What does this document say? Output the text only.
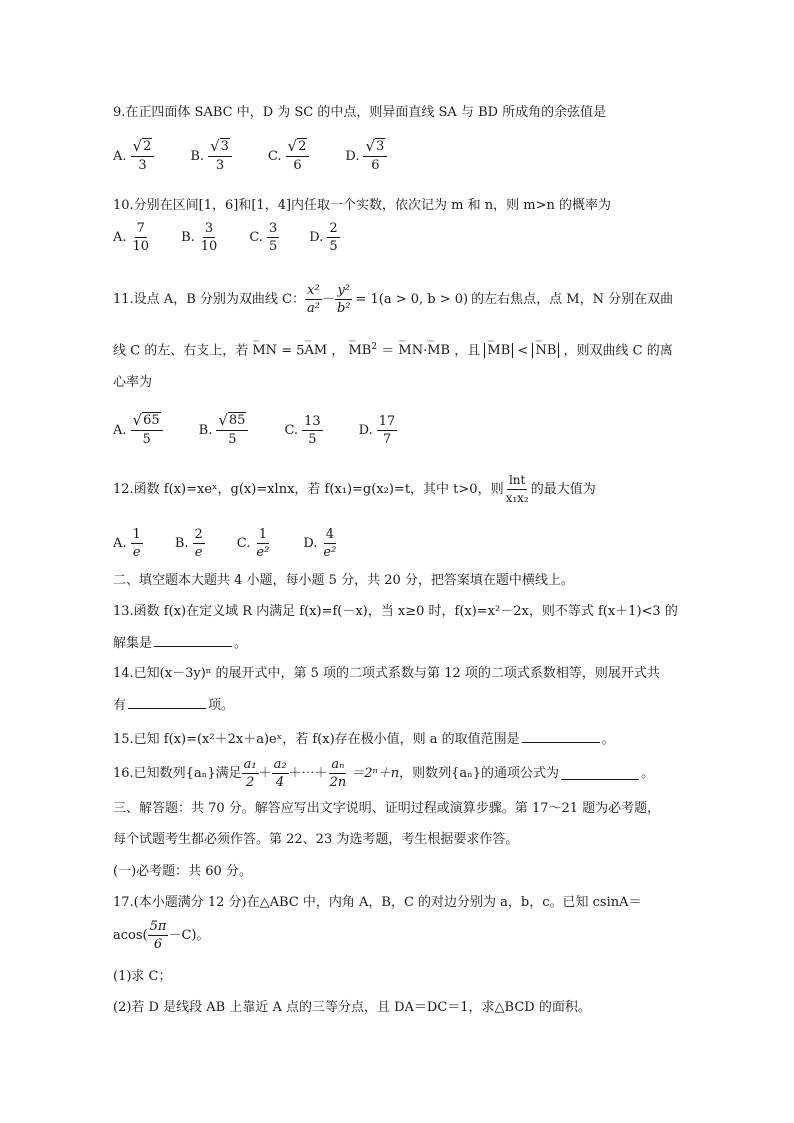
9.在正四面体 SABC 中，D 为 SC 的中点，则异面直线 SA 与 BD 所成角的余弦值是
A. $\frac{√ 2}{3}$	B. $\frac{√ 3}{3}$	C. $\frac{√ 2}{6}$	D. $\frac{√ 3}{6}$
10.分别在区间[1，6]和[1，4]内任取一个实数，依次记为 m 和 n，则 m>n 的概率为
A. $\frac{7}{10} B$. $\frac{3}{10} C$. $\frac{3}{5} D$. $\frac{2}{5}$
11.设点 A，B 分别为双曲线 C： $\frac{\text{x²}}{\text{a²}} - \frac{\text{y²}}{\text{b²}} = 1(a > 0$, b > 0) 的左右焦点，点 M，N 分别在双曲
线 C 的左、右支上，若 ᵕᵕᵕ MN = 5ᵕᵕᵕ AM ， ᵕᵕᵕ $MB^2$ ＝ ᵕᵕᵕ MN·ᵕᵕᵕ MB ，且 ᵕᵕᵕ MB < ᵕᵕᵕ NB ，则双曲线 C 的离
心率为
A. $\frac{√ 65}{5}$	B. $\frac{√ 85}{5}$	C. $\frac{13}{5}$	D. $\frac{17}{7}$
12.函数 f(x)=xeˣ，g(x)=xlnx，若 f(x₁)=g(x₂)=t，其中 t>0，则 $\frac{\ln t}{\text{x₁x₂}}$ 的最大值为
A. $\frac{1}{e} B$. $\frac{2}{e} C$. $\frac{1}{\text{e²}} D$. $\frac{4}{\text{e²}}$
二、填空题本大题共 4 小题，每小题 5 分，共 20 分，把答案填在题中横线上。
13.函数 f(x)在定义域 R 内满足 f(x)=f(－x)，当 x≥0 时，f(x)=x²－2x，则不等式 f(x＋1)<3 的
解集是	。
14.已知(x－3y)ⁿ 的展开式中，第 5 项的二项式系数与第 12 项的二项式系数相等，则展开式共
有	项。
15.已知 f(x)=(x²＋2x＋a)eˣ，若 f(x)存在极小值，则 a 的取值范围是	。
16.已知数列{aₙ}满足 $\frac{\text{a₁}}{2} + \frac{\text{a₂}}{4}$ ＋⋯＋ $\frac{\text{aₙ}}{2n} =2^n+n$ ，则数列{aₙ}的通项公式为	。
三、解答题：共 70 分。解答应写出文字说明、证明过程或演算步骤。第 17～21 题为必考题，
每个试题考生都必须作答。第 22、23 为选考题，考生根据要求作答。
(一)必考题：共 60 分。
17.(本小题满分 12 分)在△ABC 中，内角 A，B，C 的对边分别为 a，b，c。已知 csinA＝
$acos( \frac{5\pi}{6} -C)$。
(1)求 C；
(2)若 D 是线段 AB 上靠近 A 点的三等分点，且 DA＝DC＝1，求△BCD 的面积。
